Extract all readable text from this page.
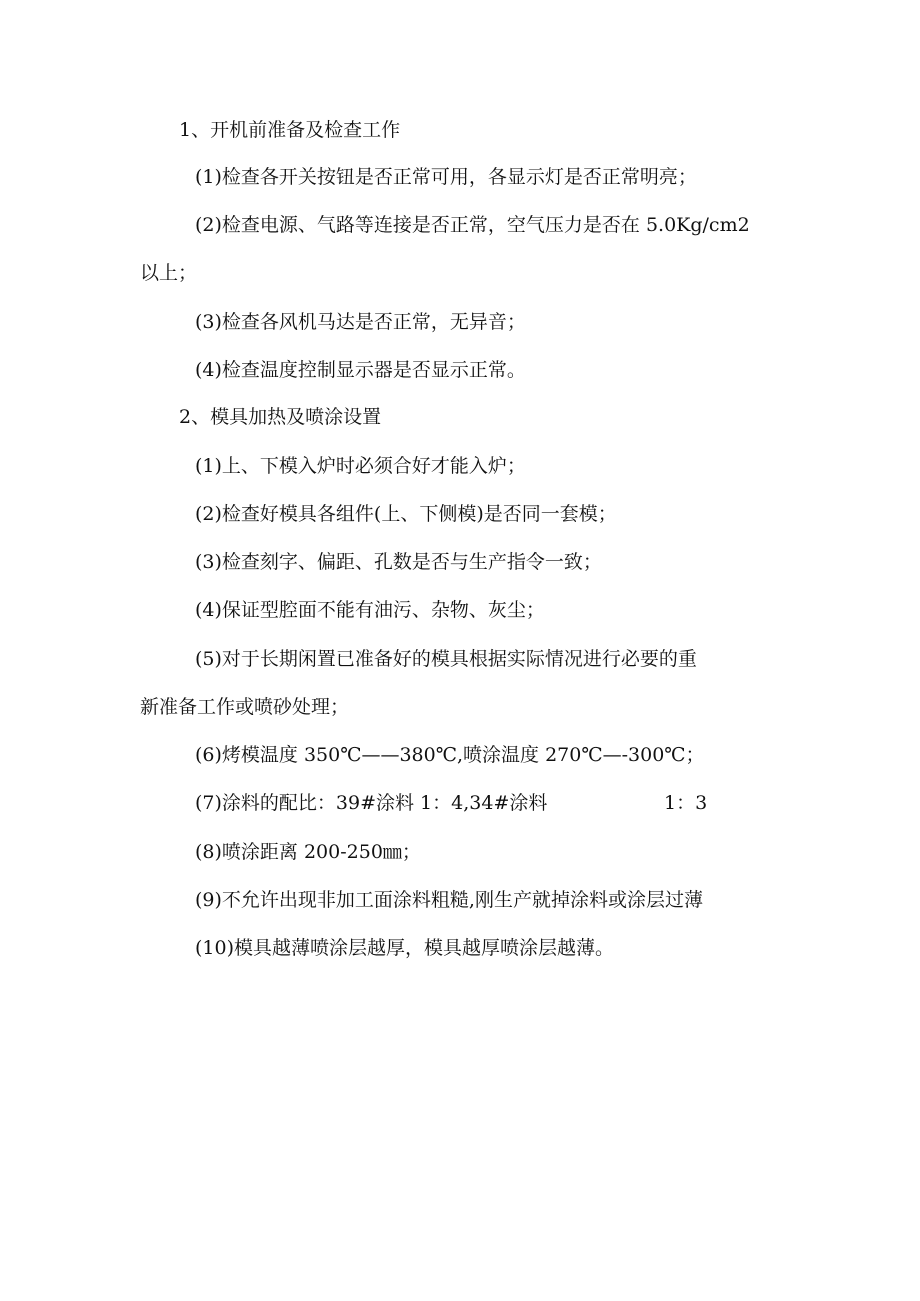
1、开机前准备及检查工作
(1)检查各开关按钮是否正常可用，各显示灯是否正常明亮；
(2)检查电源、气路等连接是否正常，空气压力是否在 5.0Kg/cm2
以上；
(3)检查各风机马达是否正常，无异音；
(4)检查温度控制显示器是否显示正常。
2、模具加热及喷涂设置
(1)上、下模入炉时必须合好才能入炉；
(2)检查好模具各组件(上、下侧模)是否同一套模；
(3)检查刻字、偏距、孔数是否与生产指令一致；
(4)保证型腔面不能有油污、杂物、灰尘；
(5)对于长期闲置已准备好的模具根据实际情况进行必要的重
新准备工作或喷砂处理；
(6)烤模温度 350℃——380℃,喷涂温度 270℃—-300℃；
(7)涂料的配比：39#涂料 1：4,34#涂料	1：3
(8)喷涂距离 200-250㎜；
(9)不允许出现非加工面涂料粗糙,刚生产就掉涂料或涂层过薄
(10)模具越薄喷涂层越厚，模具越厚喷涂层越薄。
